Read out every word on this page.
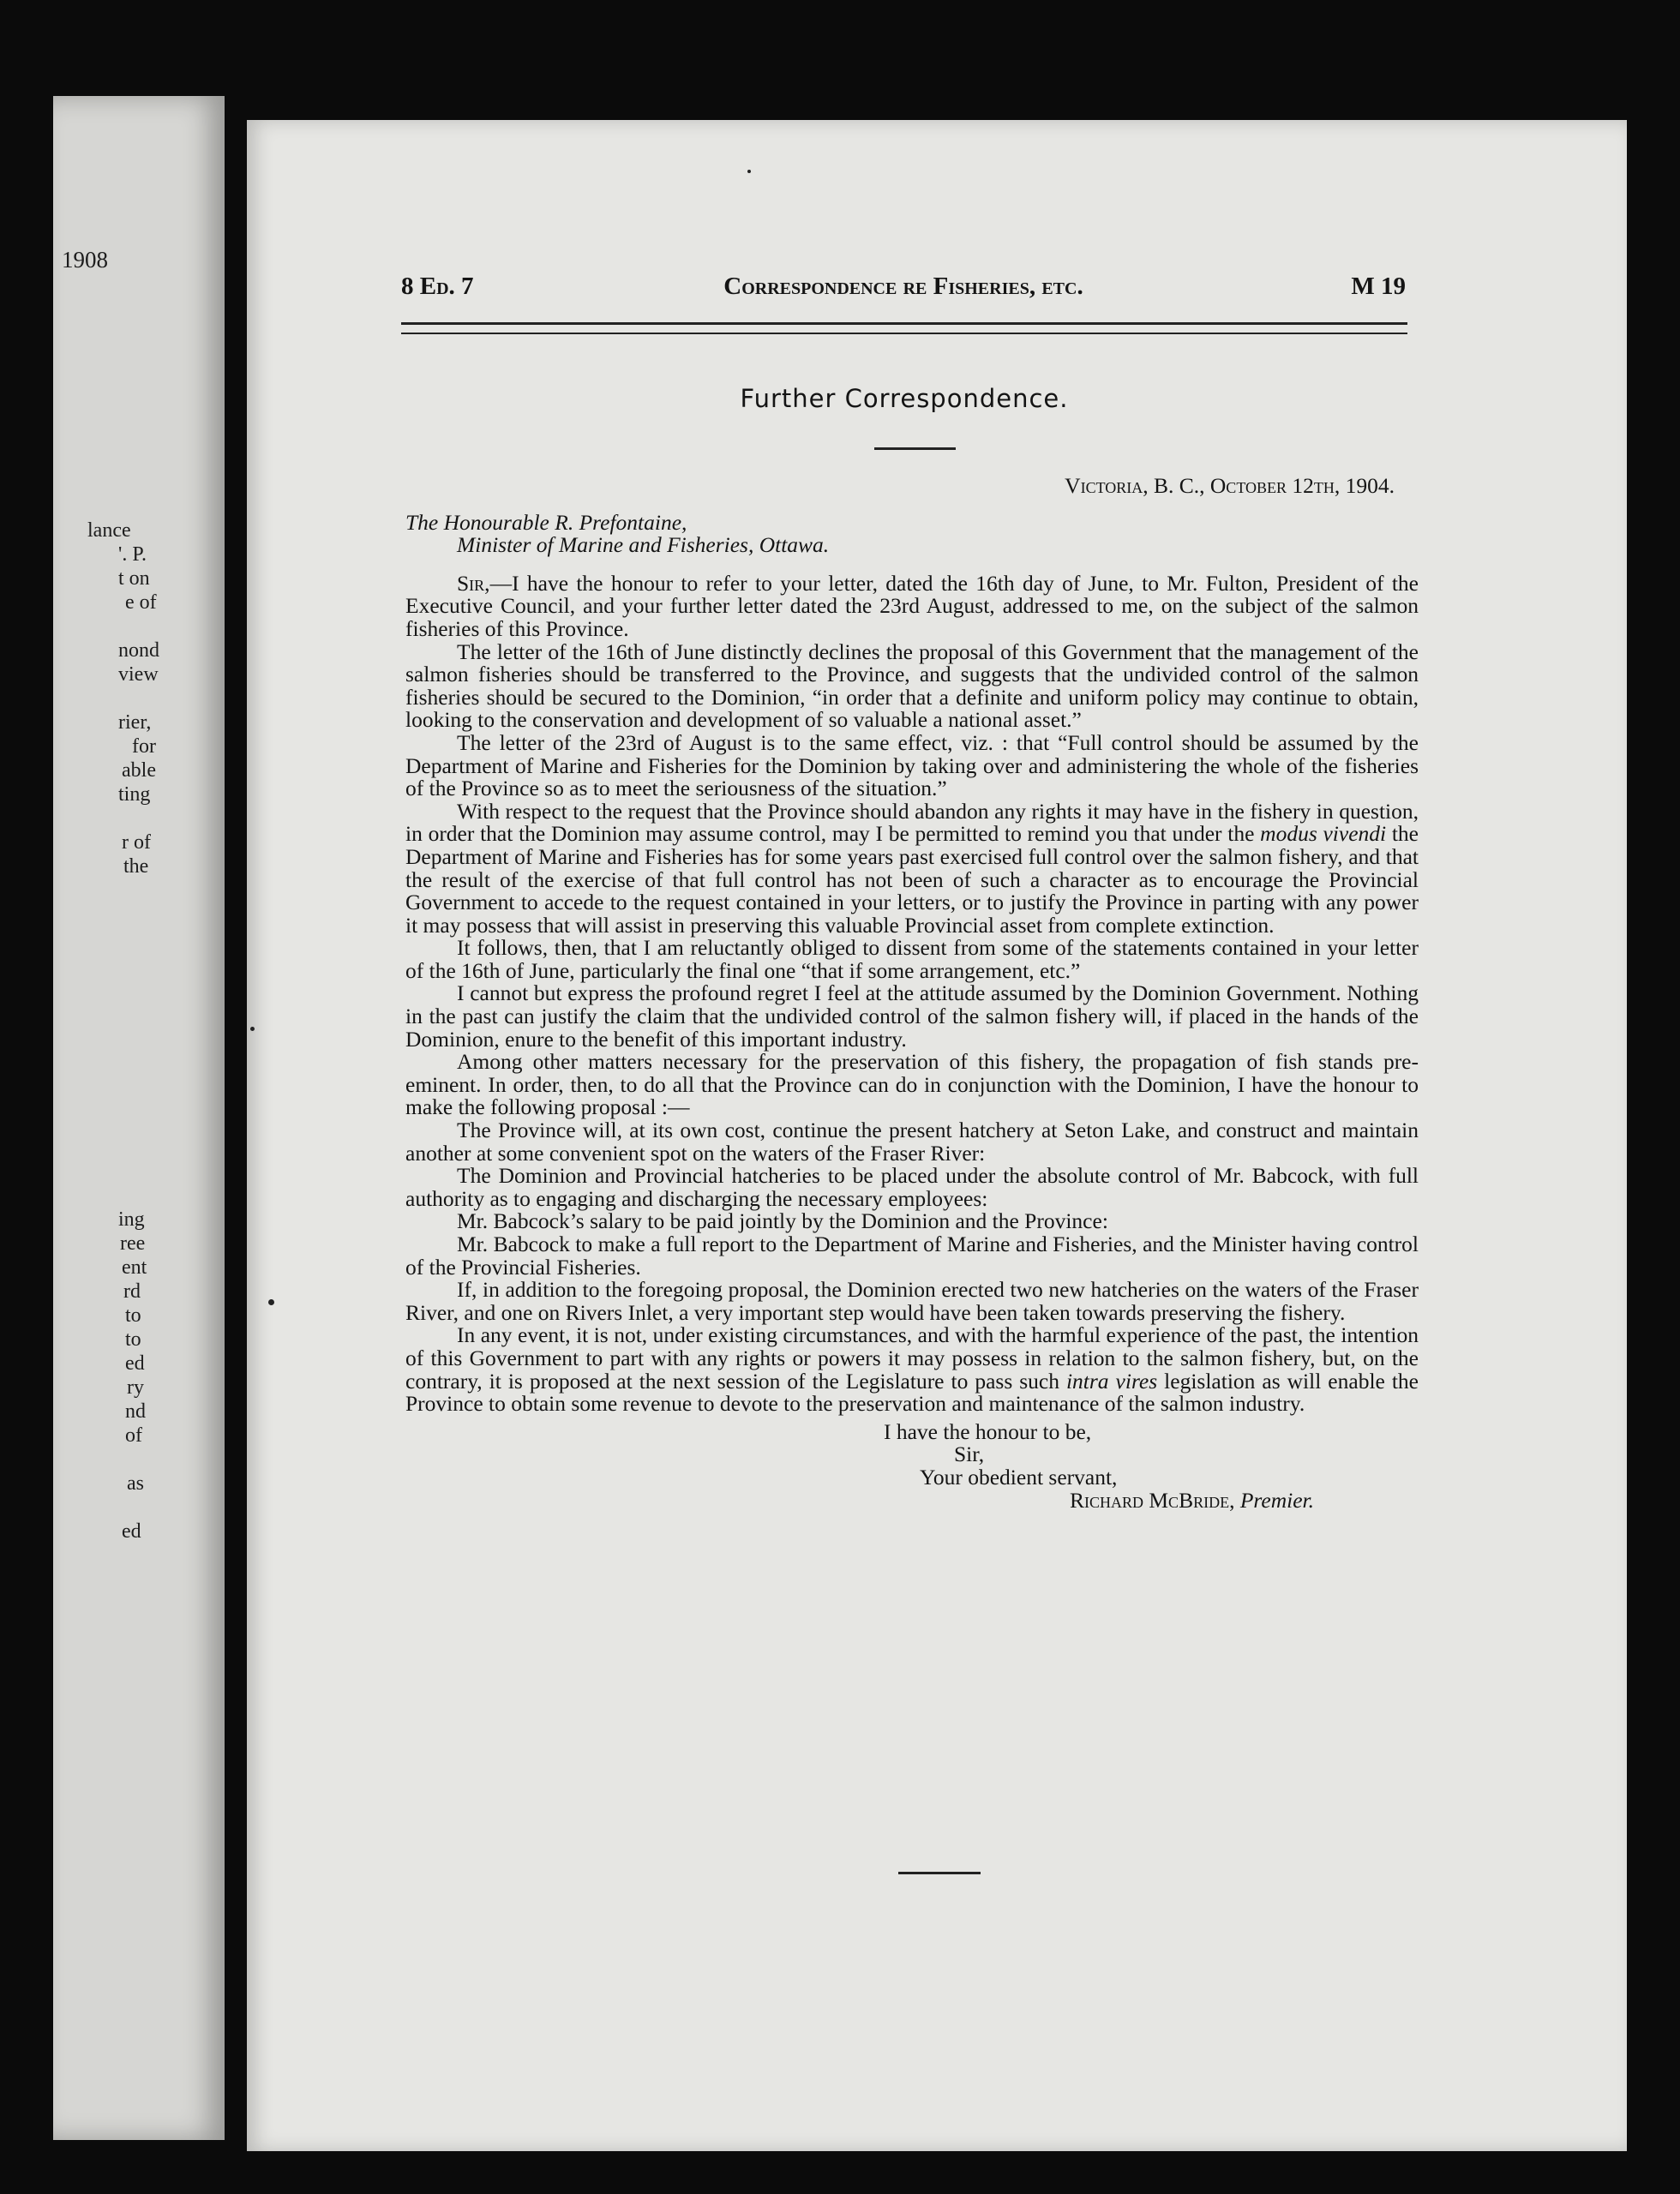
1908
lance
'. P.
t on
e of
nond
view
rier,
for
able
ting
r of
the
ing
ree
ent
rd
to
to
ed
ry
nd
of
as
ed
8 Ed. 7	Correspondence re Fisheries, etc.	M 19
Further Correspondence.
Victoria, B. C., October 12th, 1904.
The Honourable R. Prefontaine,
Minister of Marine and Fisheries, Ottawa.

Sir,—I have the honour to refer to your letter, dated the 16th day of June, to Mr. Fulton, President of the Executive Council, and your further letter dated the 23rd August, addressed to me, on the subject of the salmon fisheries of this Province.

The letter of the 16th of June distinctly declines the proposal of this Government that the management of the salmon fisheries should be transferred to the Province, and suggests that the undivided control of the salmon fisheries should be secured to the Dominion, “in order that a definite and uniform policy may continue to obtain, looking to the conservation and development of so valuable a national asset.”

The letter of the 23rd of August is to the same effect, viz. : that “Full control should be assumed by the Department of Marine and Fisheries for the Dominion by taking over and administering the whole of the fisheries of the Province so as to meet the seriousness of the situation.”

With respect to the request that the Province should abandon any rights it may have in the fishery in question, in order that the Dominion may assume control, may I be permitted to remind you that under the modus vivendi the Department of Marine and Fisheries has for some years past exercised full control over the salmon fishery, and that the result of the exercise of that full control has not been of such a character as to encourage the Provincial Government to accede to the request contained in your letters, or to justify the Province in parting with any power it may possess that will assist in preserving this valuable Provincial asset from complete extinction.

It follows, then, that I am reluctantly obliged to dissent from some of the statements contained in your letter of the 16th of June, particularly the final one “that if some arrangement, etc.”

I cannot but express the profound regret I feel at the attitude assumed by the Dominion Government. Nothing in the past can justify the claim that the undivided control of the salmon fishery will, if placed in the hands of the Dominion, enure to the benefit of this important industry.

Among other matters necessary for the preservation of this fishery, the propagation of fish stands pre-eminent. In order, then, to do all that the Province can do in conjunction with the Dominion, I have the honour to make the following proposal :—

The Province will, at its own cost, continue the present hatchery at Seton Lake, and construct and maintain another at some convenient spot on the waters of the Fraser River:

The Dominion and Provincial hatcheries to be placed under the absolute control of Mr. Babcock, with full authority as to engaging and discharging the necessary employees:

Mr. Babcock’s salary to be paid jointly by the Dominion and the Province:

Mr. Babcock to make a full report to the Department of Marine and Fisheries, and the Minister having control of the Provincial Fisheries.

If, in addition to the foregoing proposal, the Dominion erected two new hatcheries on the waters of the Fraser River, and one on Rivers Inlet, a very important step would have been taken towards preserving the fishery.

In any event, it is not, under existing circumstances, and with the harmful experience of the past, the intention of this Government to part with any rights or powers it may possess in relation to the salmon fishery, but, on the contrary, it is proposed at the next session of the Legislature to pass such intra vires legislation as will enable the Province to obtain some revenue to devote to the preservation and maintenance of the salmon industry.

I have the honour to be,
Sir,
Your obedient servant,
Richard McBride, Premier.
